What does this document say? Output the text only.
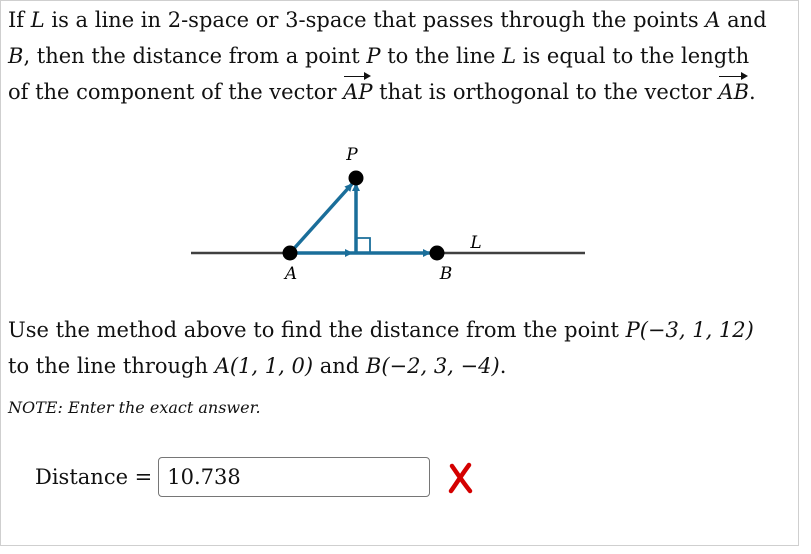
If L is a line in 2-space or 3-space that passes through the points A and
B, then the distance from a point P to the line L is equal to the length
of the component of the vector AP that is orthogonal to the vector AB.
P
A	B
L
Use the method above to find the distance from the point P(−3, 1, 12)
to the line through A(1, 1, 0) and B(−2, 3, −4).
NOTE: Enter the exact answer.
Distance =
10.738
